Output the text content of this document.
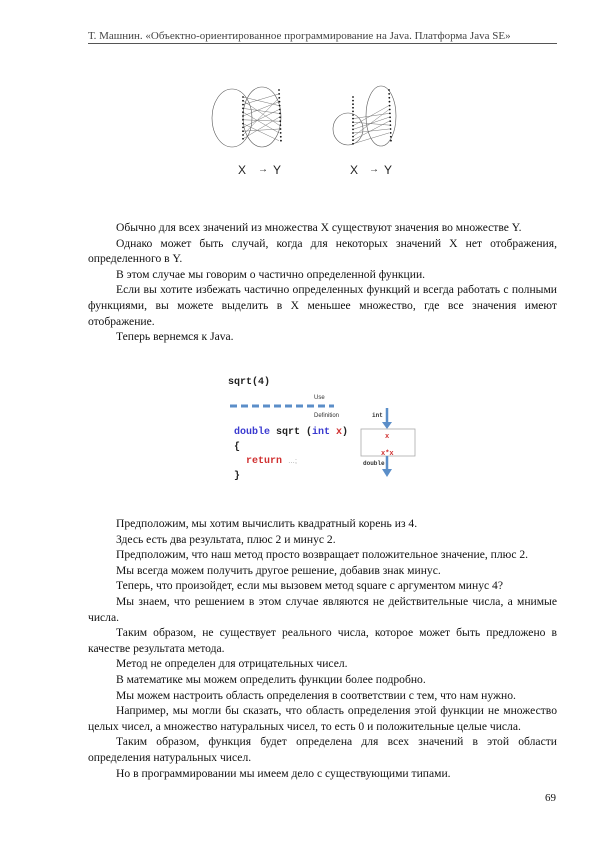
Т. Машнин. «Объектно-ориентированное программирование на Java. Платформа Java SE»
X → Y	X → Y

Обычно для всех значений из множества X существуют значения во множестве Y.

Однако может быть случай, когда для некоторых значений X нет отображения, определенного в Y.

В этом случае мы говорим о частично определенной функции.

Если вы хотите избежать частично определенных функций и всегда работать с полными функциями, вы можете выделить в X меньшее множество, где все значения имеют отображение.

Теперь вернемся к Java.

sqrt(4)
Use
Definition
double sqrt ( int x )
{
return …;
}
int
x
x*x
double

Предположим, мы хотим вычислить квадратный корень из 4.

Здесь есть два результата, плюс 2 и минус 2.

Предположим, что наш метод просто возвращает положительное значение, плюс 2.

Мы всегда можем получить другое решение, добавив знак минус.

Теперь, что произойдет, если мы вызовем метод square с аргументом минус 4?

Мы знаем, что решением в этом случае являются не действительные числа, а мнимые числа.

Таким образом, не существует реального числа, которое может быть предложено в качестве результата метода.

Метод не определен для отрицательных чисел.

В математике мы можем определить функции более подробно.

Мы можем настроить область определения в соответствии с тем, что нам нужно.

Например, мы могли бы сказать, что область определения этой функции не множество целых чисел, а множество натуральных чисел, то есть 0 и положительные целые числа.

Таким образом, функция будет определена для всех значений в этой области определения натуральных чисел.

Но в программировании мы имеем дело с существующими типами.

69
